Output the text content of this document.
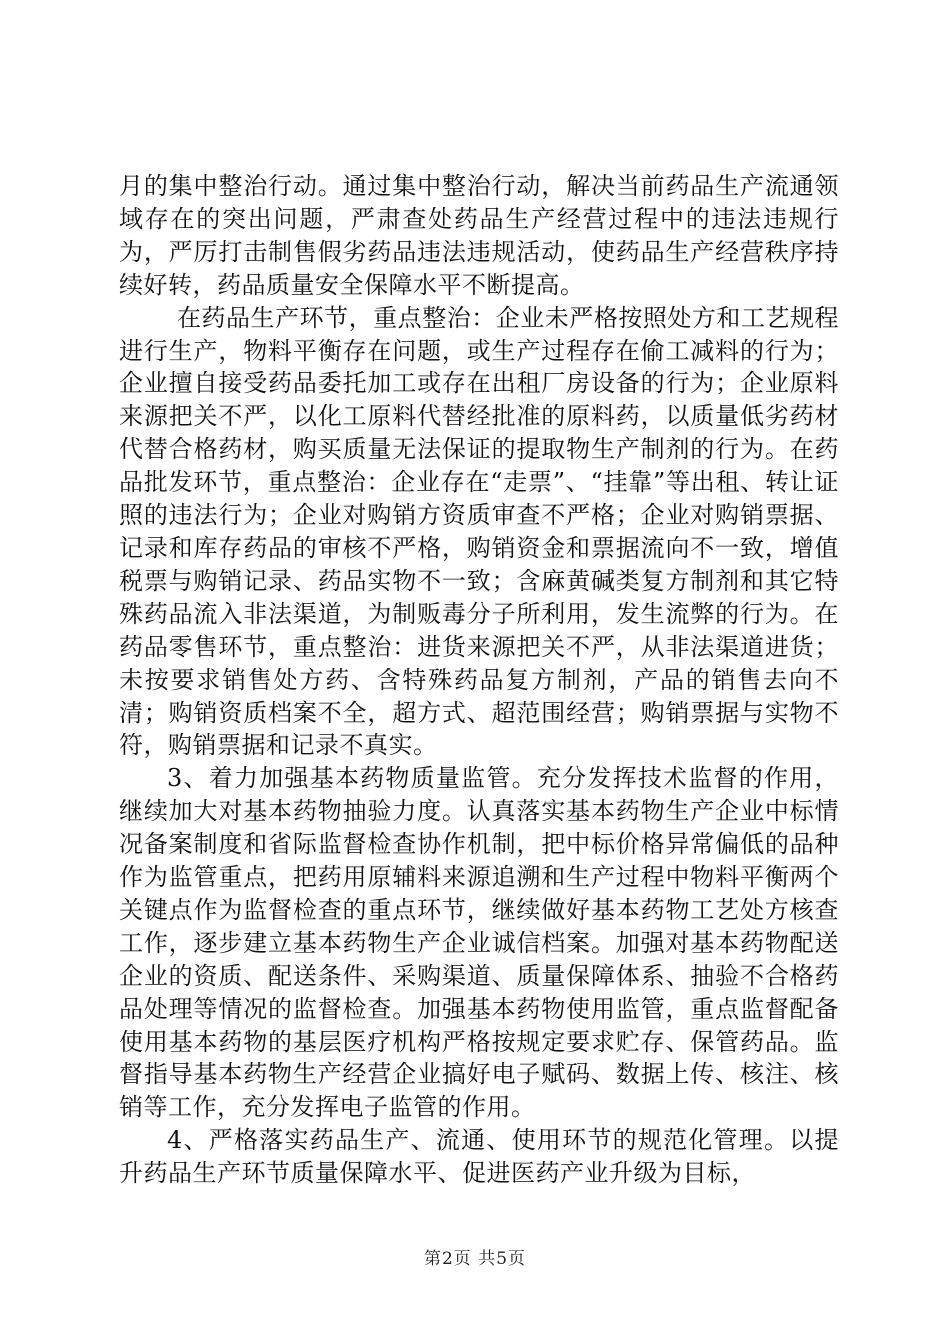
月的集中整治行动。通过集中整治行动，解决当前药品生产流通领域存在的突出问题，严肃查处药品生产经营过程中的违法违规行为，严厉打击制售假劣药品违法违规活动，使药品生产经营秩序持续好转，药品质量安全保障水平不断提高。

在药品生产环节，重点整治：企业未严格按照处方和工艺规程进行生产，物料平衡存在问题，或生产过程存在偷工减料的行为；企业擅自接受药品委托加工或存在出租厂房设备的行为；企业原料来源把关不严，以化工原料代替经批准的原料药，以质量低劣药材代替合格药材，购买质量无法保证的提取物生产制剂的行为。在药品批发环节，重点整治：企业存在“走票”、“挂靠”等出租、转让证照的违法行为；企业对购销方资质审查不严格；企业对购销票据、记录和库存药品的审核不严格，购销资金和票据流向不一致，增值税票与购销记录、药品实物不一致；含麻黄碱类复方制剂和其它特殊药品流入非法渠道，为制贩毒分子所利用，发生流弊的行为。在药品零售环节，重点整治：进货来源把关不严，从非法渠道进货；未按要求销售处方药、含特殊药品复方制剂，产品的销售去向不清；购销资质档案不全，超方式、超范围经营；购销票据与实物不符，购销票据和记录不真实。

3、着力加强基本药物质量监管。充分发挥技术监督的作用，继续加大对基本药物抽验力度。认真落实基本药物生产企业中标情况备案制度和省际监督检查协作机制，把中标价格异常偏低的品种作为监管重点，把药用原辅料来源追溯和生产过程中物料平衡两个关键点作为监督检查的重点环节，继续做好基本药物工艺处方核查工作，逐步建立基本药物生产企业诚信档案。加强对基本药物配送企业的资质、配送条件、采购渠道、质量保障体系、抽验不合格药品处理等情况的监督检查。加强基本药物使用监管，重点监督配备使用基本药物的基层医疗机构严格按规定要求贮存、保管药品。监督指导基本药物生产经营企业搞好电子赋码、数据上传、核注、核销等工作，充分发挥电子监管的作用。

4、严格落实药品生产、流通、使用环节的规范化管理。以提升药品生产环节质量保障水平、促进医药产业升级为目标，

第2页 共5页
